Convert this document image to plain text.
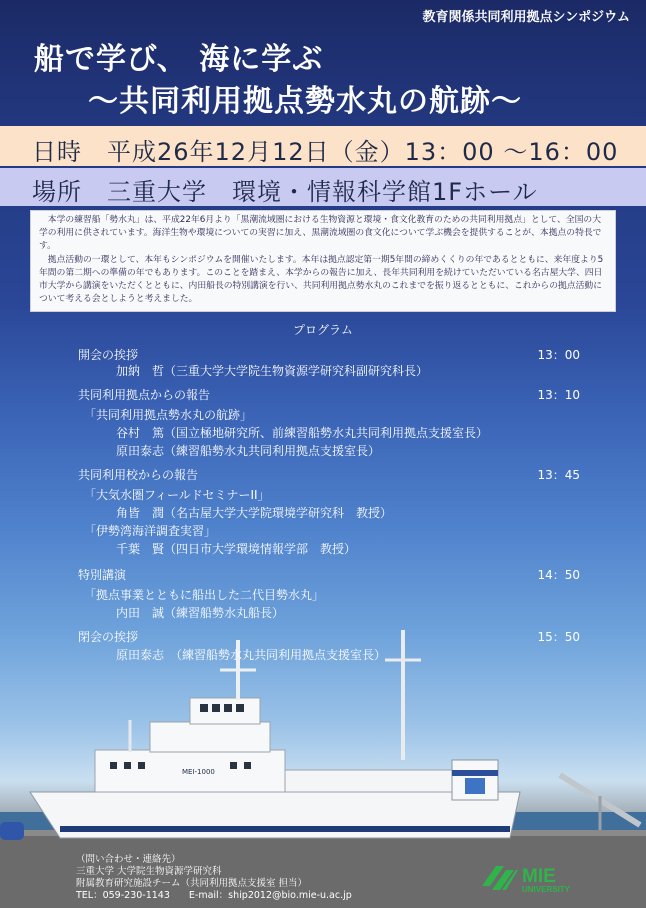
教育関係共同利用拠点シンポジウム
船で学び、 海に学ぶ
～共同利用拠点勢水丸の航跡～
日時　平成26年12月12日（金）13：00 ～16：00
場所　三重大学　環境・情報科学館1Fホール

本学の練習船「勢水丸」は、平成22年6月より「黒潮流域圏における生物資源と環境・食文化教育のための共同利用拠点」として、全国の大学の利用に供されています。海洋生物や環境についての実習に加え、黒潮流域圏の食文化について学ぶ機会を提供することが、本拠点の特長です。

拠点活動の一環として、本年もシンポジウムを開催いたします。本年は拠点認定第一期5年間の締めくくりの年であるとともに、来年度より5年間の第二期への準備の年でもあります。このことを踏まえ、本学からの報告に加え、長年共同利用を続けていただいている名古屋大学、四日市大学から講演をいただくとともに、内田船長の特別講演を行い、共同利用拠点勢水丸のこれまでを振り返るとともに、これからの拠点活動について考える会としようと考えました。

MEI-1000
プログラム
開会の挨拶	13：00
加納　哲（三重大学大学院生物資源学研究科副研究科長）
共同利用拠点からの報告	13：10
「共同利用拠点勢水丸の航跡」
谷村　篤（国立極地研究所、前練習船勢水丸共同利用拠点支援室長）
原田泰志（練習船勢水丸共同利用拠点支援室長）
共同利用校からの報告	13：45
「大気水圏フィールドセミナーII」
角皆　潤（名古屋大学大学院環境学研究科　教授）
「伊勢湾海洋調査実習」
千葉　賢（四日市大学環境情報学部　教授）
特別講演	14：50
「拠点事業とともに船出した二代目勢水丸」
内田　誠（練習船勢水丸船長）
閉会の挨拶	15：50
原田泰志　（練習船勢水丸共同利用拠点支援室長）
（問い合わせ・連絡先）
三重大学 大学院生物資源学研究科
附属教育研究施設チーム（共同利用拠点支援室 担当）
TEL：059-230-1143　　E-mail：ship2012@bio.mie-u.ac.jp
MIE
UNIVERSITY
